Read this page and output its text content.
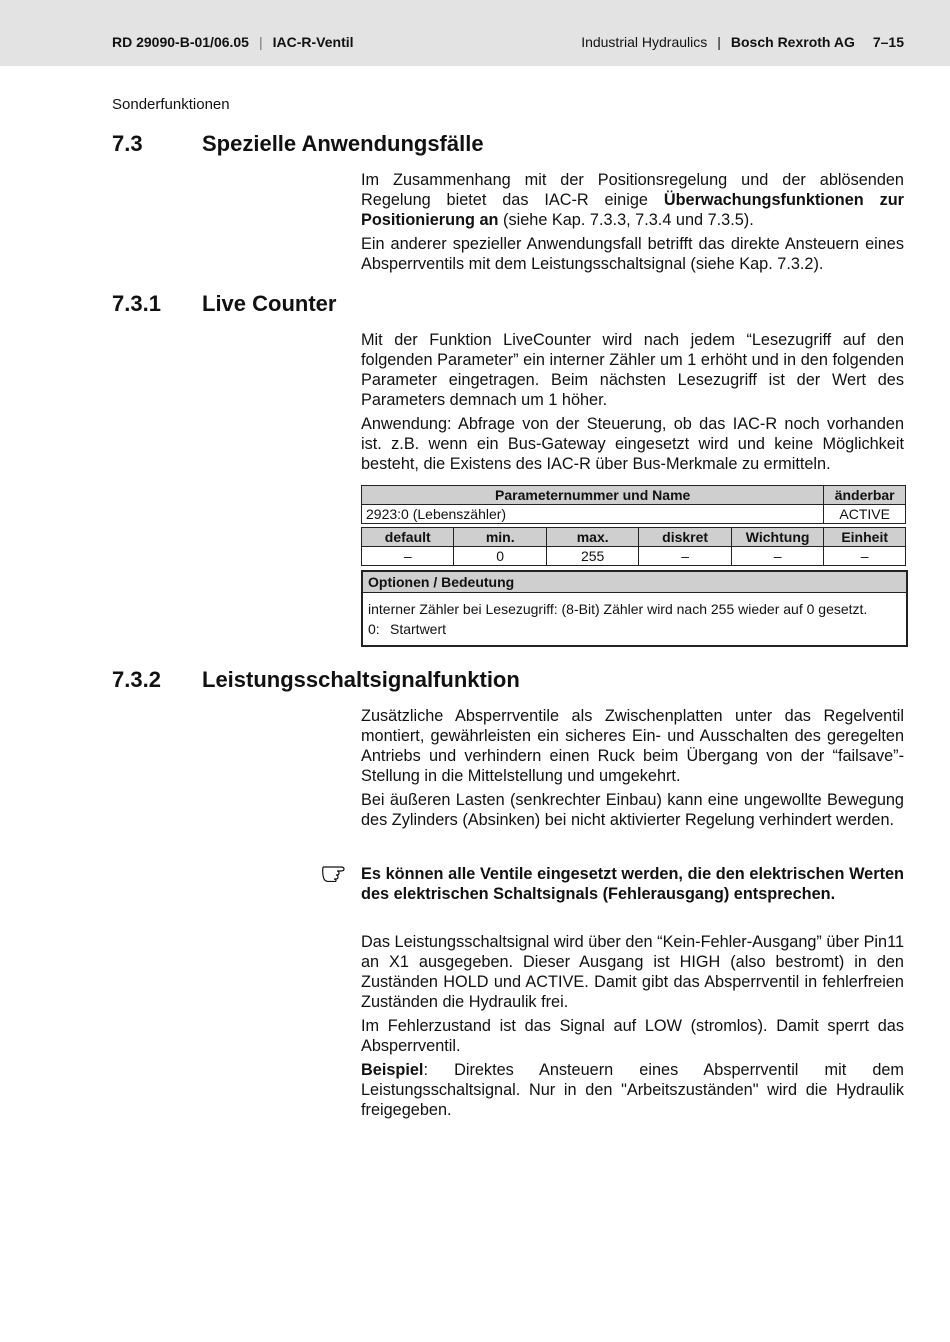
RD 29090-B-01/06.05 | IAC-R-Ventil	Industrial Hydraulics | Bosch Rexroth AG 7–15
Sonderfunktionen
7.3	Spezielle Anwendungsfälle

Im Zusammenhang mit der Positionsregelung und der ablösenden Regelung bietet das IAC-R einige Überwachungsfunktionen zur Positionierung an (siehe Kap. 7.3.3, 7.3.4 und 7.3.5).

Ein anderer spezieller Anwendungsfall betrifft das direkte Ansteuern eines Absperrventils mit dem Leistungsschaltsignal (siehe Kap. 7.3.2).

7.3.1 Live Counter

Mit der Funktion LiveCounter wird nach jedem “Lesezugriff auf den folgenden Parameter” ein interner Zähler um 1 erhöht und in den folgenden Parameter eingetragen. Beim nächsten Lesezugriff ist der Wert des Parameters demnach um 1 höher.

Anwendung: Abfrage von der Steuerung, ob das IAC-R noch vorhanden ist. z.B. wenn ein Bus-Gateway eingesetzt wird und keine Möglichkeit besteht, die Existens des IAC-R über Bus-Merkmale zu ermitteln.

Parameternummer und Name					änderbar
2923:0 (Lebenszähler)					ACTIVE

default	min.	max.	diskret	Wichtung	Einheit
–	0	255	–	–	–
Optionen / Bedeutung
interner Zähler bei Lesezugriff: (8-Bit) Zähler wird nach 255 wieder auf 0 gesetzt.
0: Startwert
7.3.2 Leistungsschaltsignalfunktion

Zusätzliche Absperrventile als Zwischenplatten unter das Regelventil montiert, gewährleisten ein sicheres Ein- und Ausschalten des geregelten Antriebs und verhindern einen Ruck beim Übergang von der “failsave”-Stellung in die Mittelstellung und umgekehrt.

Bei äußeren Lasten (senkrechter Einbau) kann eine ungewollte Bewegung des Zylinders (Absinken) bei nicht aktivierter Regelung verhindert werden.

Es können alle Ventile eingesetzt werden, die den elektrischen Werten des elektrischen Schaltsignals (Fehlerausgang) entsprechen.

Das Leistungsschaltsignal wird über den “Kein-Fehler-Ausgang” über Pin11 an X1 ausgegeben. Dieser Ausgang ist HIGH (also bestromt) in den Zuständen HOLD und ACTIVE. Damit gibt das Absperrventil in fehlerfreien Zuständen die Hydraulik frei.

Im Fehlerzustand ist das Signal auf LOW (stromlos). Damit sperrt das Absperrventil.

Beispiel: Direktes Ansteuern eines Absperrventil mit dem Leistungsschaltsignal. Nur in den "Arbeitszuständen" wird die Hydraulik freigegeben.
